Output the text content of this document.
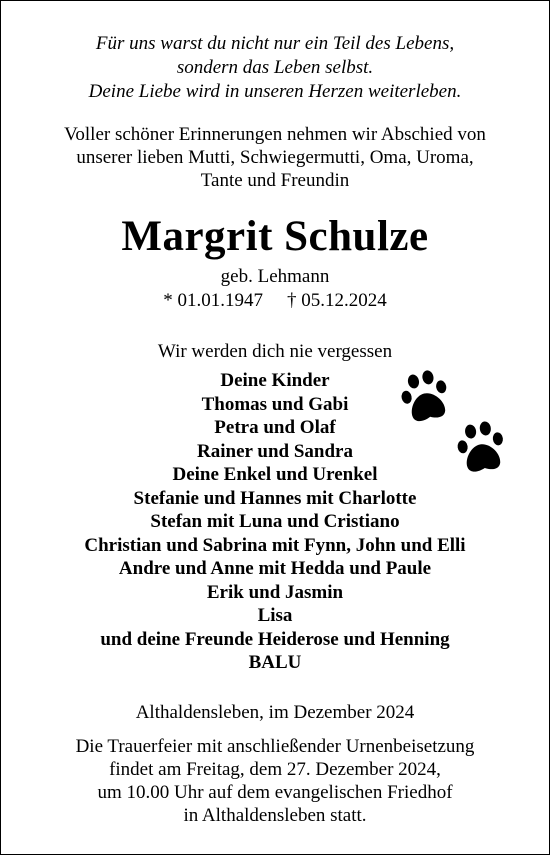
Für uns warst du nicht nur ein Teil des Lebens,
sondern das Leben selbst.
Deine Liebe wird in unseren Herzen weiterleben.
Voller schöner Erinnerungen nehmen wir Abschied von
unserer lieben Mutti, Schwiegermutti, Oma, Uroma,
Tante und Freundin
Margrit Schulze
geb. Lehmann
* 01.01.1947 † 05.12.2024
Wir werden dich nie vergessen
Deine Kinder
Thomas und Gabi
Petra und Olaf
Rainer und Sandra
Deine Enkel und Urenkel
Stefanie und Hannes mit Charlotte
Stefan mit Luna und Cristiano
Christian und Sabrina mit Fynn, John und Elli
Andre und Anne mit Hedda und Paule
Erik und Jasmin
Lisa
und deine Freunde Heiderose und Henning
BALU
Althaldensleben, im Dezember 2024
Die Trauerfeier mit anschließender Urnenbeisetzung
findet am Freitag, dem 27. Dezember 2024,
um 10.00 Uhr auf dem evangelischen Friedhof
in Althaldensleben statt.
